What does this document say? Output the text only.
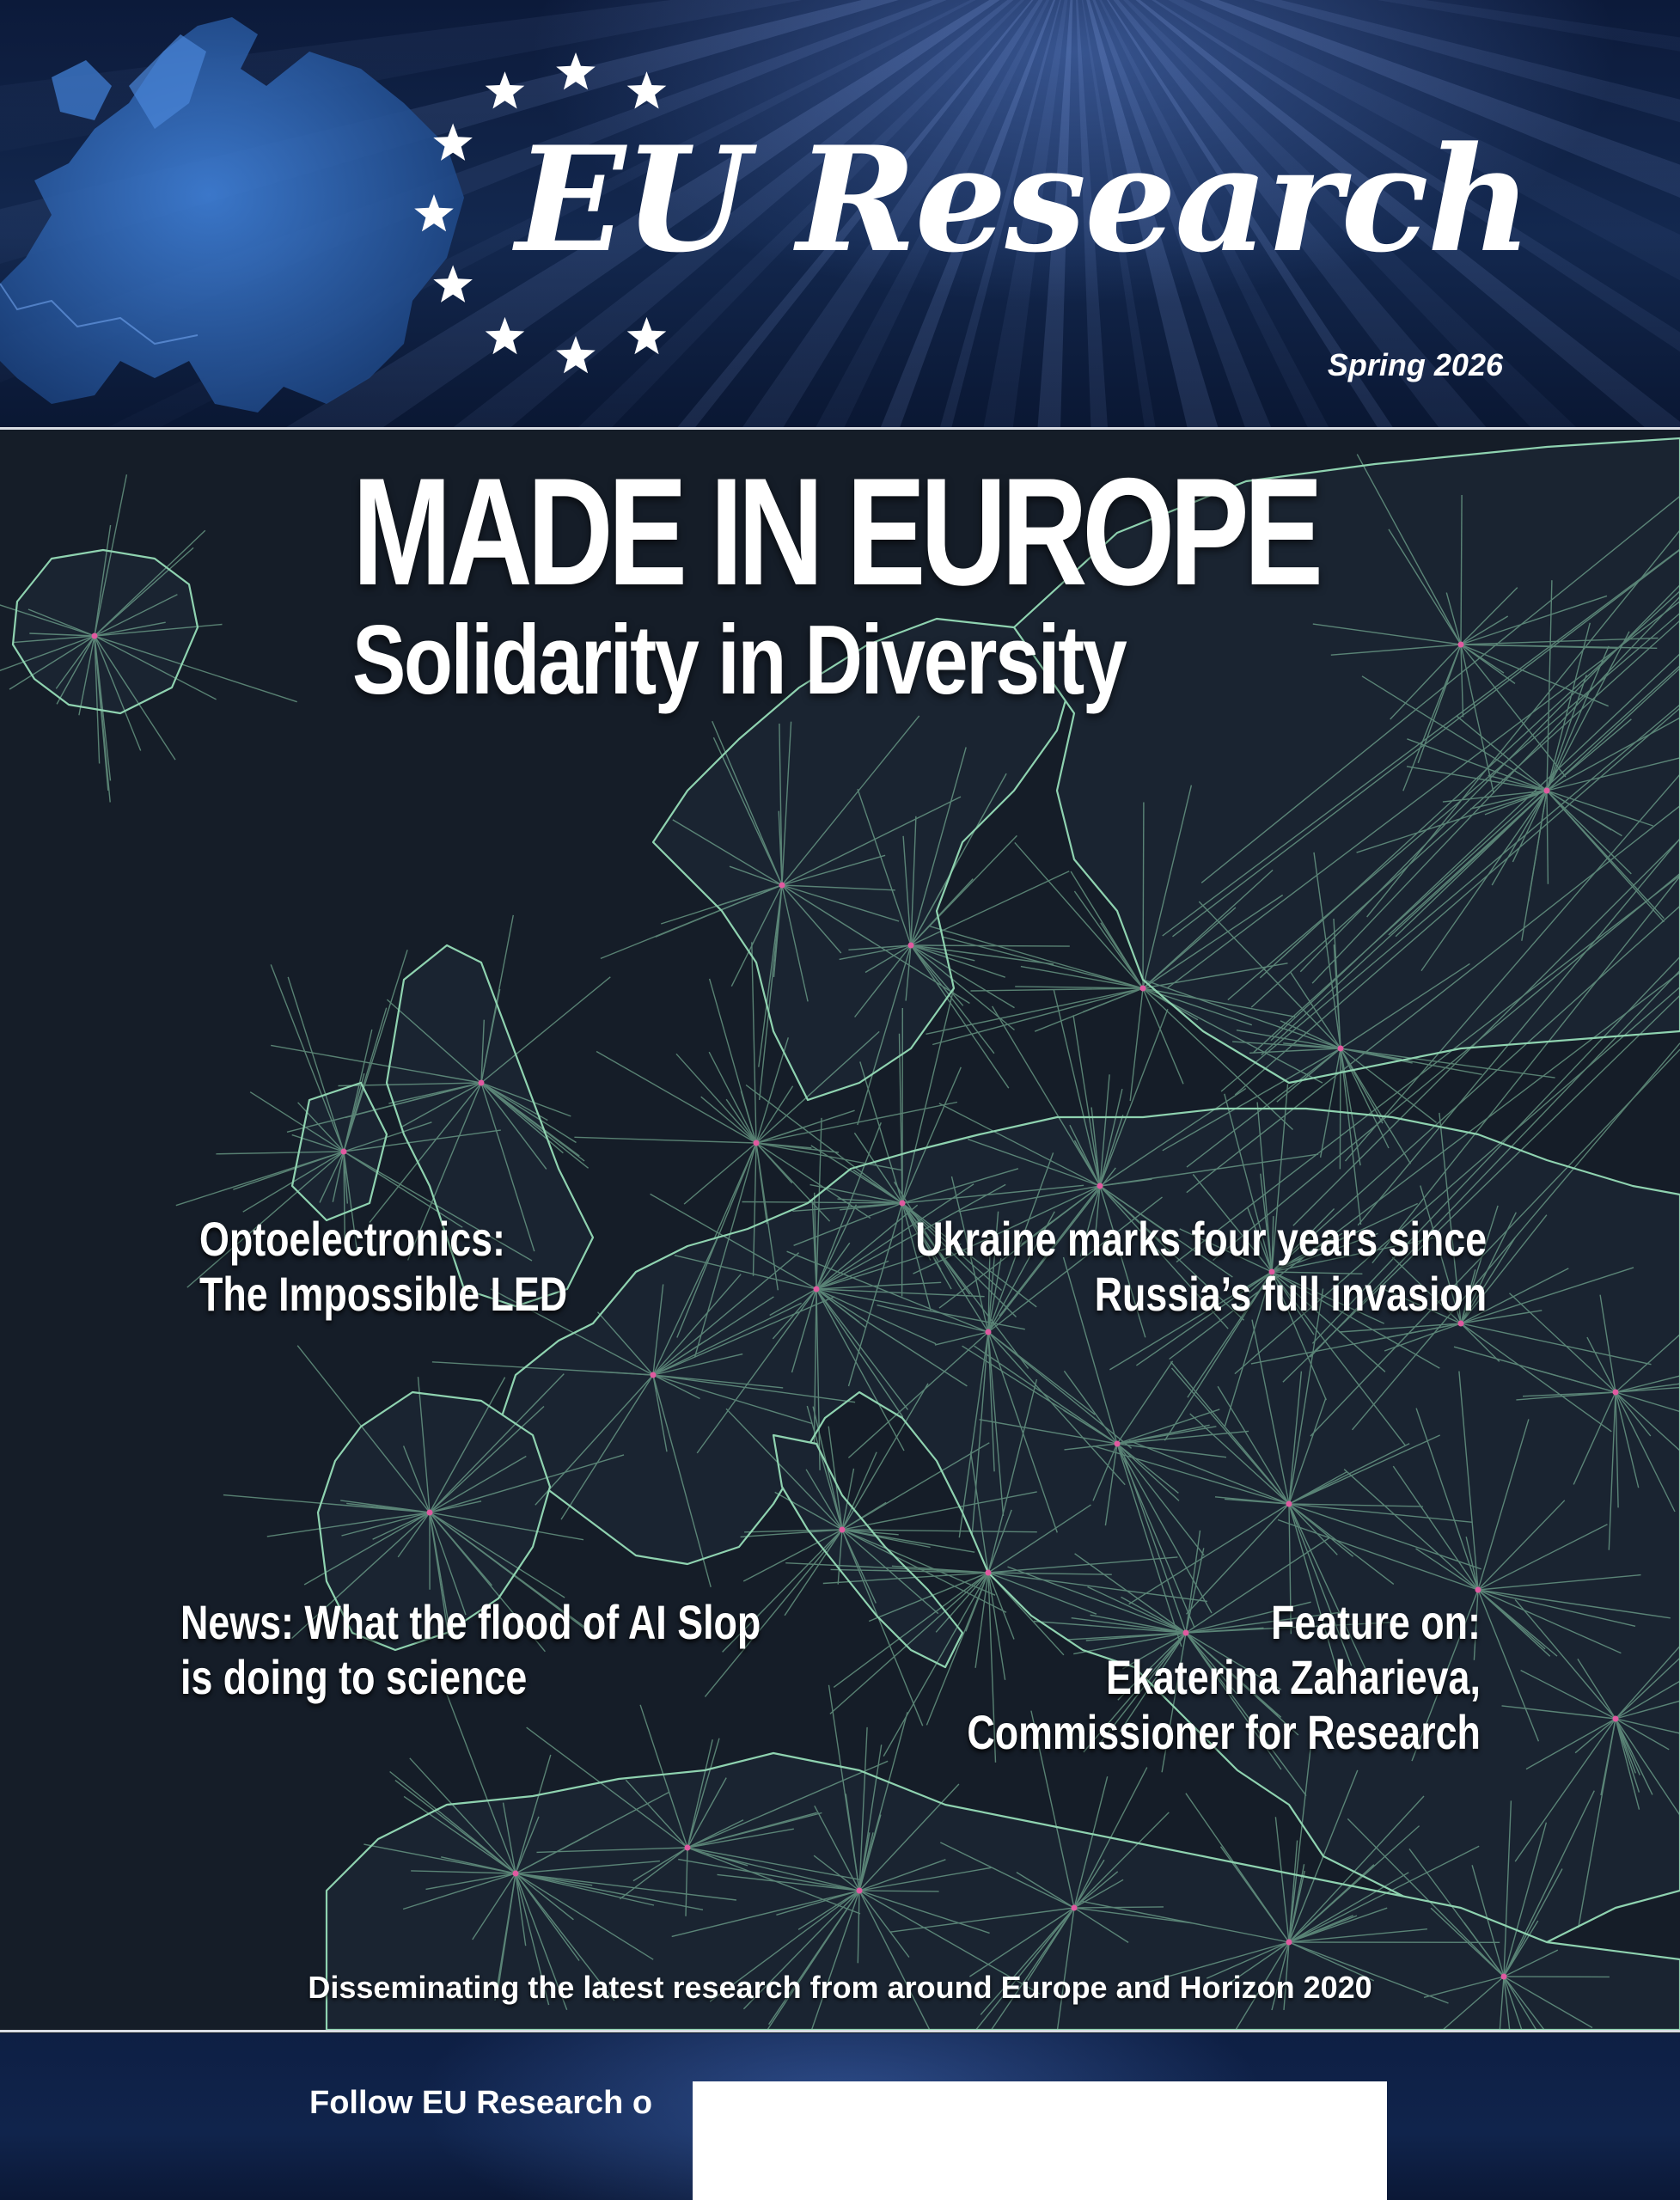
EU Research
Spring 2026
MADE IN EUROPE
Solidarity in Diversity
Optoelectronics:
The Impossible LED
Ukraine marks four years since
Russia’s full invasion
News: What the flood of AI Slop
is doing to science
Feature on:
Ekaterina Zaharieva,
Commissioner for Research
Disseminating the latest research from around Europe and Horizon 2020
Follow EU Research o
